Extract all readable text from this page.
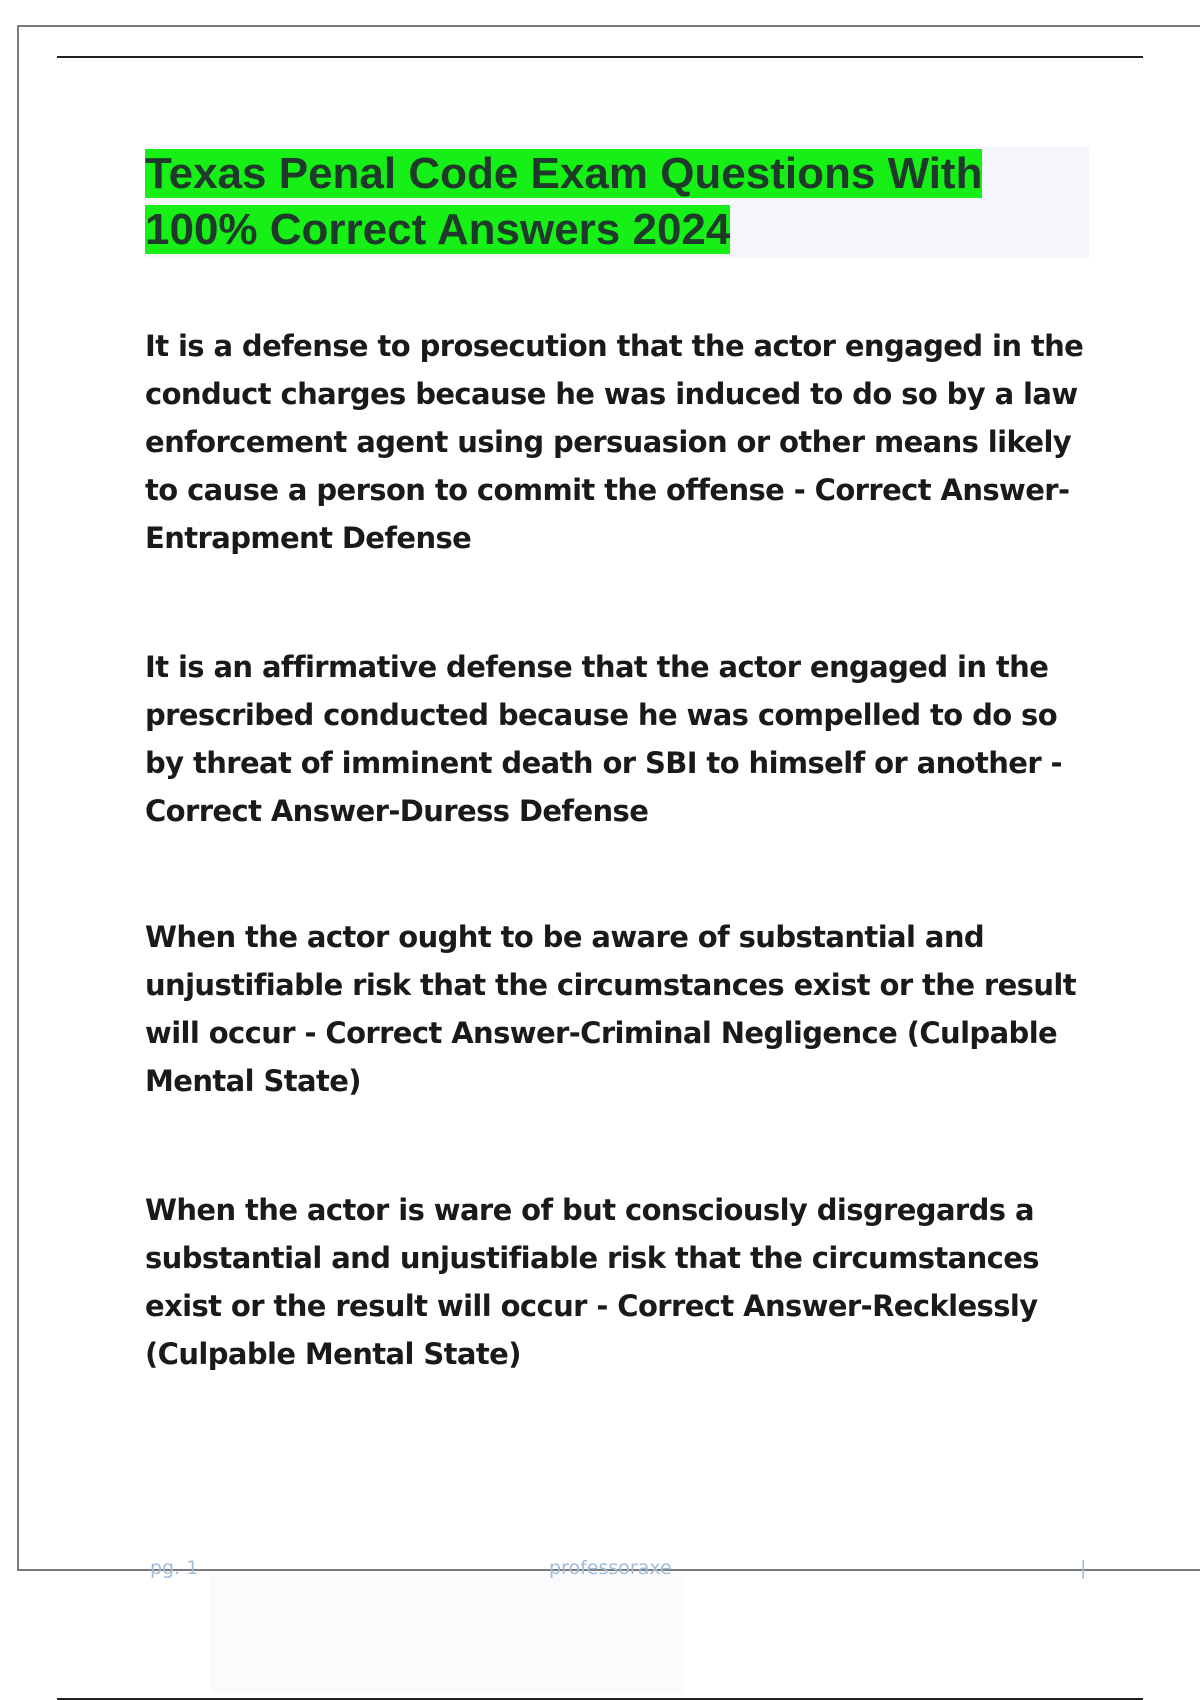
Texas Penal Code Exam Questions With 100% Correct Answers 2024

It is a defense to prosecution that the actor engaged in the conduct charges because he was induced to do so by a law enforcement agent using persuasion or other means likely to cause a person to commit the offense - Correct Answer-Entrapment Defense

It is an affirmative defense that the actor engaged in the prescribed conducted because he was compelled to do so by threat of imminent death or SBI to himself or another - Correct Answer-Duress Defense

When the actor ought to be aware of substantial and unjustifiable risk that the circumstances exist or the result will occur - Correct Answer-Criminal Negligence (Culpable Mental State)

When the actor is ware of but consciously disgregards a substantial and unjustifiable risk that the circumstances exist or the result will occur - Correct Answer-Recklessly (Culpable Mental State)

pg. 1	professoraxe	|
